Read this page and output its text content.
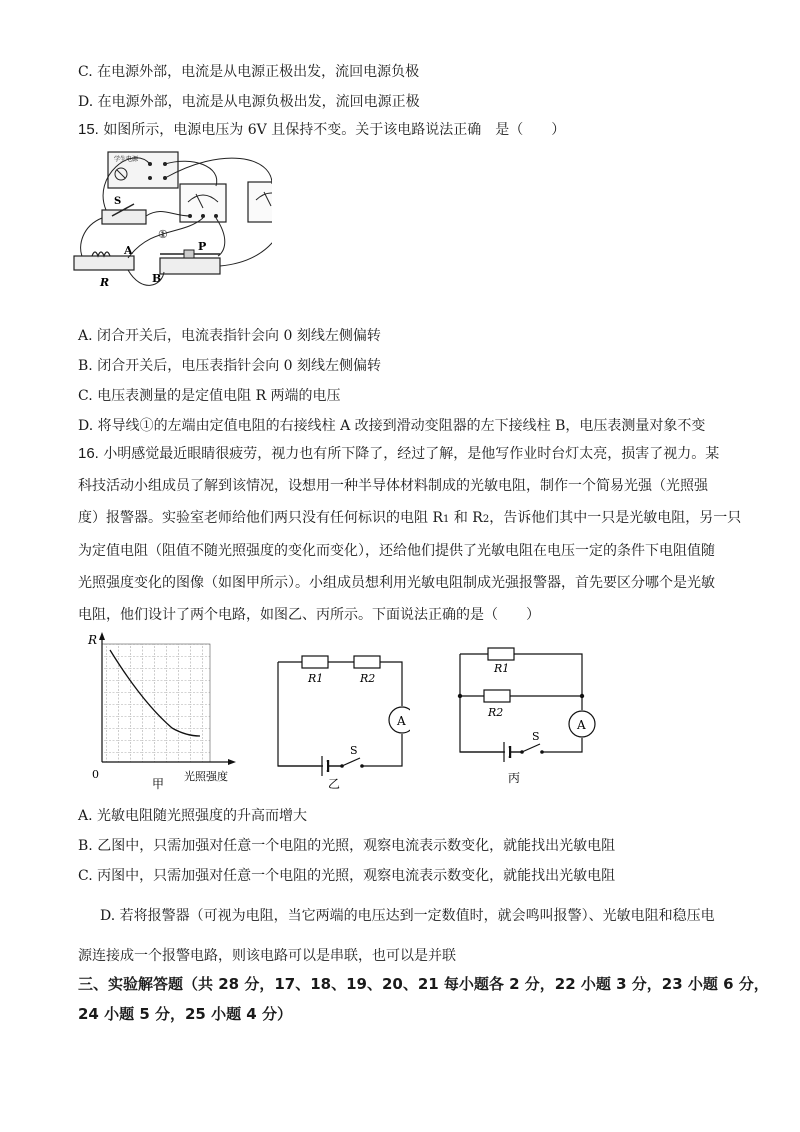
C. 在电源外部，电流是从电源正极出发，流回电源负极
D. 在电源外部，电流是从电源负极出发，流回电源正极
15. 如图所示，电源电压为 6V 且保持不变。关于该电路说法正确　是（　　）
学生电源
S
R
A	P
B
①
A. 闭合开关后，电流表指针会向 0 刻线左侧偏转
B. 闭合开关后，电压表指针会向 0 刻线左侧偏转
C. 电压表测量的是定值电阻 R 两端的电压
D. 将导线①的左端由定值电阻的右接线柱 A 改接到滑动变阻器的左下接线柱 B，电压表测量对象不变
16. 小明感觉最近眼睛很疲劳，视力也有所下降了，经过了解，是他写作业时台灯太亮，损害了视力。某
科技活动小组成员了解到该情况，设想用一种半导体材料制成的光敏电阻，制作一个简易光强（光照强
度）报警器。实验室老师给他们两只没有任何标识的电阻 R1 和 R2，告诉他们其中一只是光敏电阻，另一只
为定值电阻（阻值不随光照强度的变化而变化），还给他们提供了光敏电阻在电压一定的条件下电阻值随
光照强度变化的图像（如图甲所示）。小组成员想利用光敏电阻制成光强报警器，首先要区分哪个是光敏
电阻，他们设计了两个电路，如图乙、丙所示。下面说法正确的是（　　）
R
0	光照强度
甲
R1	R2
A
S
乙
R1
R2
A
S
丙
A. 光敏电阻随光照强度的升高而增大
B. 乙图中，只需加强对任意一个电阻的光照，观察电流表示数变化，就能找出光敏电阻
C. 丙图中，只需加强对任意一个电阻的光照，观察电流表示数变化，就能找出光敏电阻
D. 若将报警器（可视为电阻，当它两端的电压达到一定数值时，就会鸣叫报警）、光敏电阻和稳压电
源连接成一个报警电路，则该电路可以是串联，也可以是并联
三、实验解答题（共 28 分，17、18、19、20、21 每小题各 2 分，22 小题 3 分，23 小题 6 分，
24 小题 5 分，25 小题 4 分）
